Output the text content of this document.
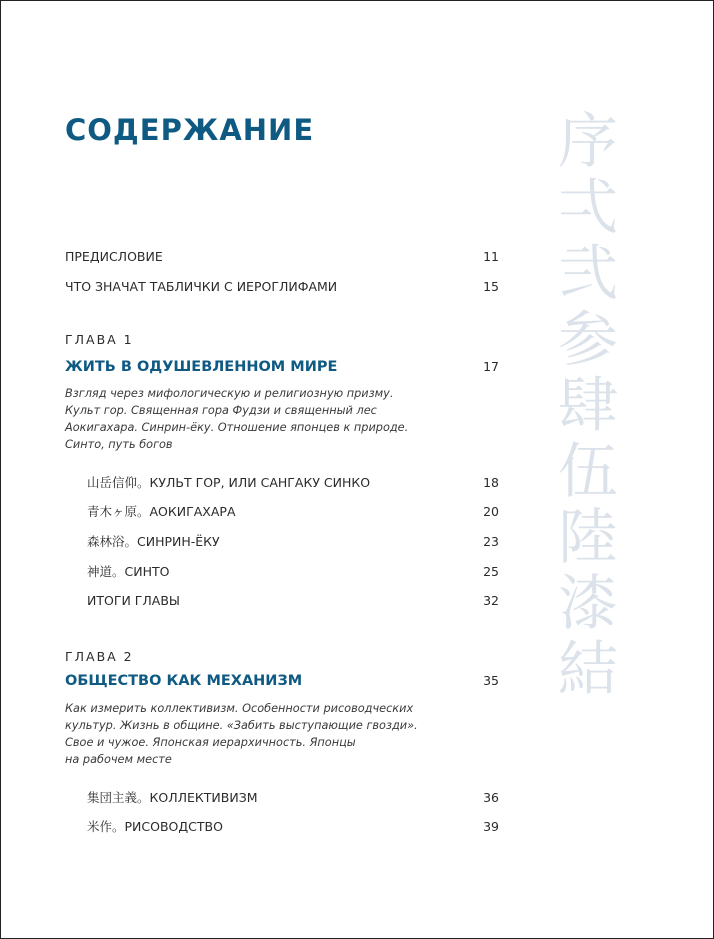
СОДЕРЖАНИЕ	序
弌
弐
参
肆
伍
陸
漆
結
ПРЕДИСЛОВИЕ	11
ЧТО ЗНАЧАТ ТАБЛИЧКИ С ИЕРОГЛИФАМИ	15
ГЛАВА 1
ЖИТЬ В ОДУШЕВЛЕННОМ МИРЕ	17
Взгляд через мифологическую и религиозную призму.
Культ гор. Священная гора Фудзи и священный лес
Аокигахара. Синрин-ёку. Отношение японцев к природе.
Синто, путь богов
山岳信仰。КУЛЬТ ГОР, ИЛИ САНГАКУ СИНКО	18
青木ヶ原。АОКИГАХАРА	20
森林浴。СИНРИН-ЁКУ	23
神道。СИНТО	25
ИТОГИ ГЛАВЫ	32
ГЛАВА 2
ОБЩЕСТВО КАК МЕХАНИЗМ	35
Как измерить коллективизм. Особенности рисоводческих
культур. Жизнь в общине. «Забить выступающие гвозди».
Свое и чужое. Японская иерархичность. Японцы
на рабочем месте
集団主義。КОЛЛЕКТИВИЗМ	36
米作。РИСОВОДСТВО	39
